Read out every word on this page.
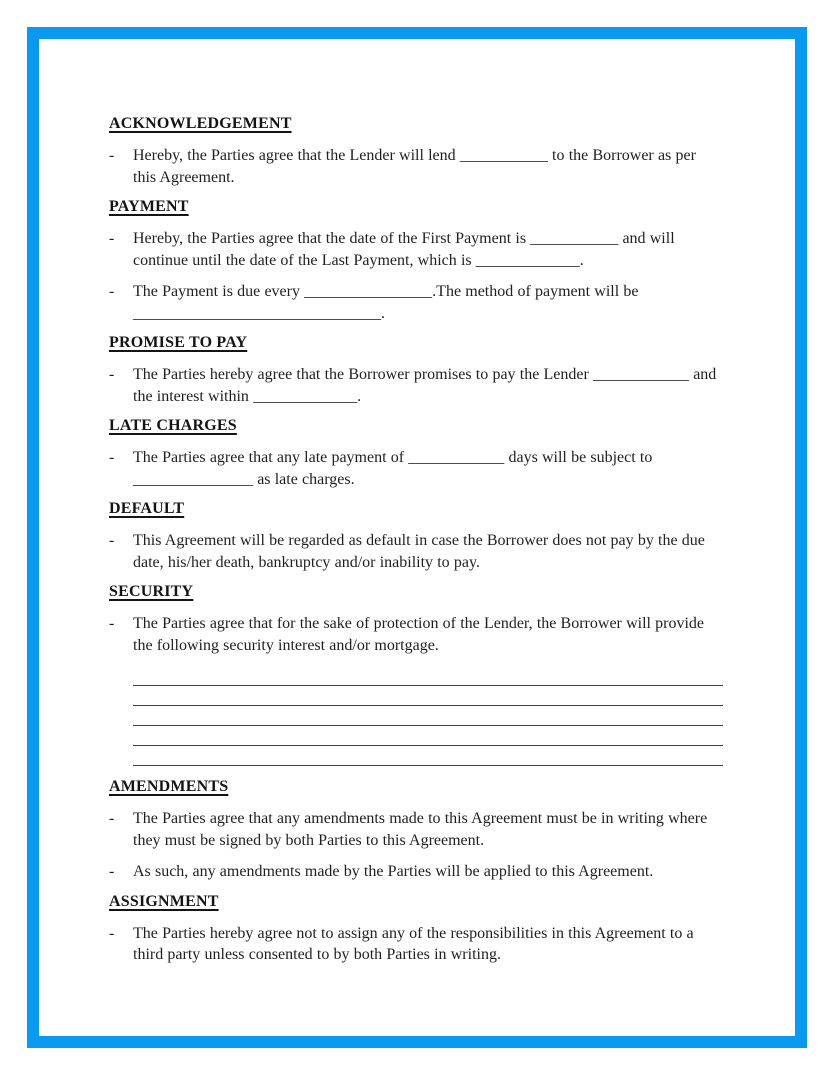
ACKNOWLEDGEMENT
-	Hereby, the Parties agree that the Lender will lend ___________ to the Borrower as per this Agreement.

PAYMENT
-	Hereby, the Parties agree that the date of the First Payment is ___________ and will continue until the date of the Last Payment, which is _____________.

-	The Payment is due every ________________.The method of payment will be _______________________________.

PROMISE TO PAY
-	The Parties hereby agree that the Borrower promises to pay the Lender ____________ and the interest within _____________.

LATE CHARGES
-	The Parties agree that any late payment of ____________ days will be subject to _______________ as late charges.

DEFAULT
-	This Agreement will be regarded as default in case the Borrower does not pay by the due date, his/her death, bankruptcy and/or inability to pay.

SECURITY
-	The Parties agree that for the sake of protection of the Lender, the Borrower will provide the following security interest and/or mortgage.

AMENDMENTS
-	The Parties agree that any amendments made to this Agreement must be in writing where they must be signed by both Parties to this Agreement.

-	As such, any amendments made by the Parties will be applied to this Agreement.

ASSIGNMENT
-	The Parties hereby agree not to assign any of the responsibilities in this Agreement to a third party unless consented to by both Parties in writing.
